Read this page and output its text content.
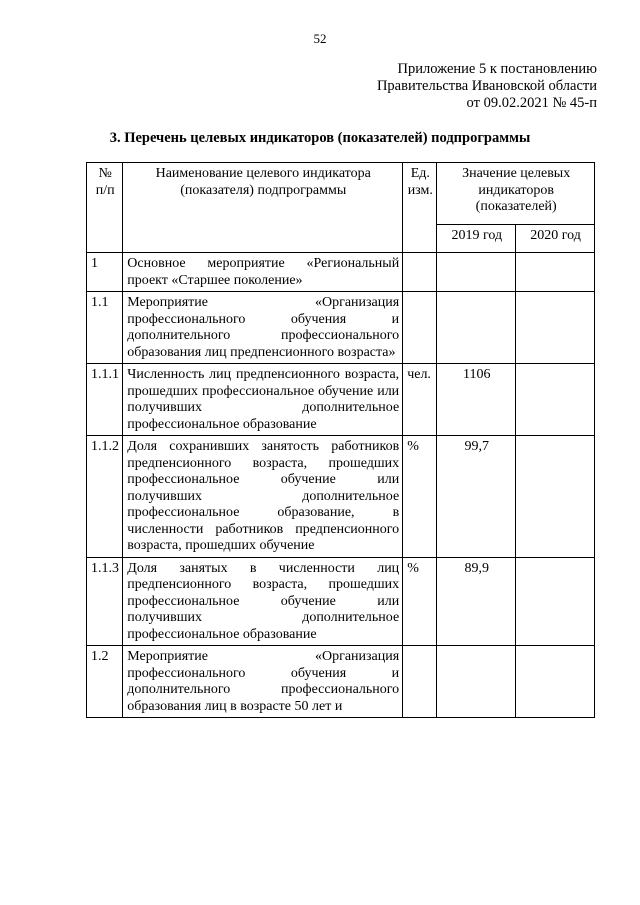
52
Приложение 5 к постановлению
Правительства Ивановской области
от 09.02.2021 № 45-п
3. Перечень целевых индикаторов (показателей) подпрограммы
№
п/п	Наименование целевого индикатора (показателя) подпрограммы	Ед. изм.	Значение целевых индикаторов (показателей)	
			2019 год	2020 год
1	Основное мероприятие «Региональный проект «Старшее поколение»			
1.1	Мероприятие «Организация профессионального обучения и дополнительного профессионального образования лиц предпенсионного возраста»			
1.1.1	Численность лиц предпенсионного возраста, прошедших профессиональное обучение или получивших дополнительное профессиональное образование	чел.	1106	
1.1.2	Доля сохранивших занятость работников предпенсионного возраста, прошедших профессиональное обучение или получивших дополнительное профессиональное образование, в численности работников предпенсионного возраста, прошедших обучение	%	99,7	
1.1.3	Доля занятых в численности лиц предпенсионного возраста, прошедших профессиональное обучение или получивших дополнительное профессиональное образование	%	89,9	
1.2	Мероприятие «Организация профессионального обучения и дополнительного профессионального образования лиц в возрасте 50 лет и			
